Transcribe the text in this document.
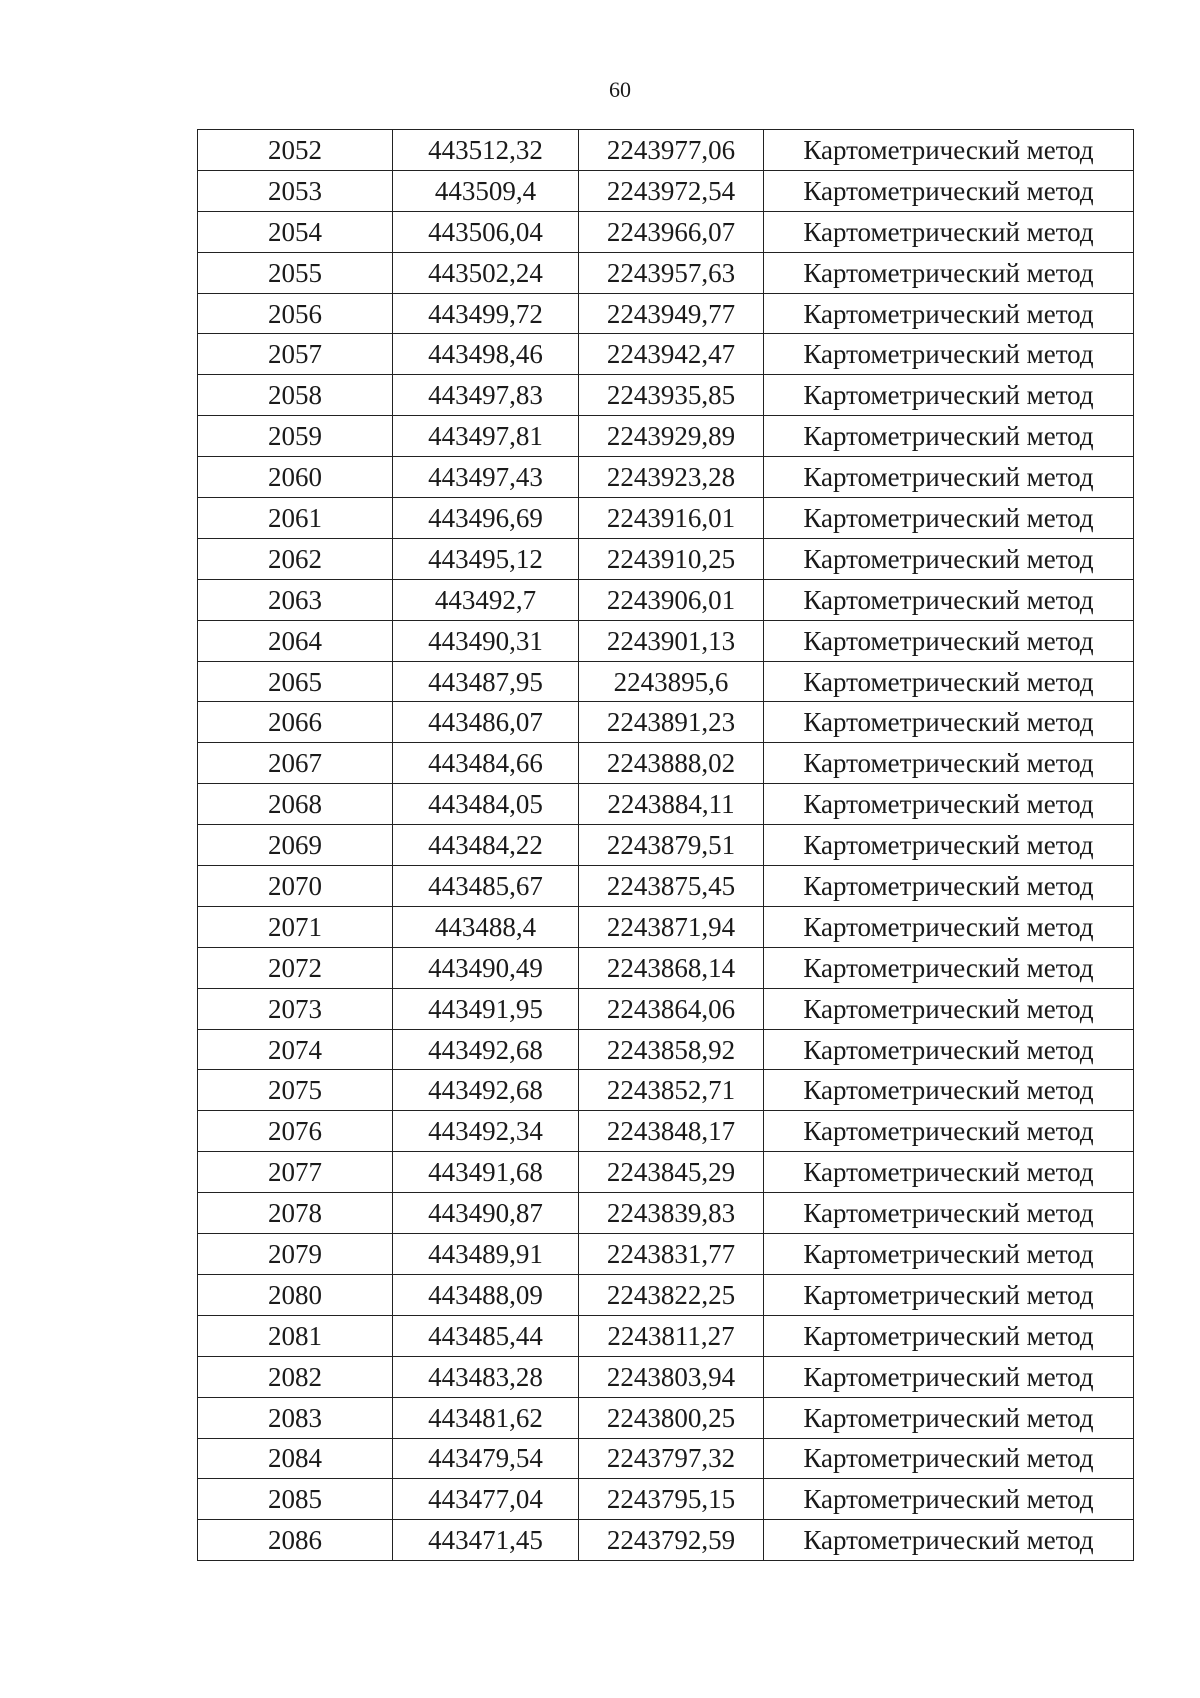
60
2052	443512,32	2243977,06	Картометрический метод
2053	443509,4	2243972,54	Картометрический метод
2054	443506,04	2243966,07	Картометрический метод
2055	443502,24	2243957,63	Картометрический метод
2056	443499,72	2243949,77	Картометрический метод
2057	443498,46	2243942,47	Картометрический метод
2058	443497,83	2243935,85	Картометрический метод
2059	443497,81	2243929,89	Картометрический метод
2060	443497,43	2243923,28	Картометрический метод
2061	443496,69	2243916,01	Картометрический метод
2062	443495,12	2243910,25	Картометрический метод
2063	443492,7	2243906,01	Картометрический метод
2064	443490,31	2243901,13	Картометрический метод
2065	443487,95	2243895,6	Картометрический метод
2066	443486,07	2243891,23	Картометрический метод
2067	443484,66	2243888,02	Картометрический метод
2068	443484,05	2243884,11	Картометрический метод
2069	443484,22	2243879,51	Картометрический метод
2070	443485,67	2243875,45	Картометрический метод
2071	443488,4	2243871,94	Картометрический метод
2072	443490,49	2243868,14	Картометрический метод
2073	443491,95	2243864,06	Картометрический метод
2074	443492,68	2243858,92	Картометрический метод
2075	443492,68	2243852,71	Картометрический метод
2076	443492,34	2243848,17	Картометрический метод
2077	443491,68	2243845,29	Картометрический метод
2078	443490,87	2243839,83	Картометрический метод
2079	443489,91	2243831,77	Картометрический метод
2080	443488,09	2243822,25	Картометрический метод
2081	443485,44	2243811,27	Картометрический метод
2082	443483,28	2243803,94	Картометрический метод
2083	443481,62	2243800,25	Картометрический метод
2084	443479,54	2243797,32	Картометрический метод
2085	443477,04	2243795,15	Картометрический метод
2086	443471,45	2243792,59	Картометрический метод
